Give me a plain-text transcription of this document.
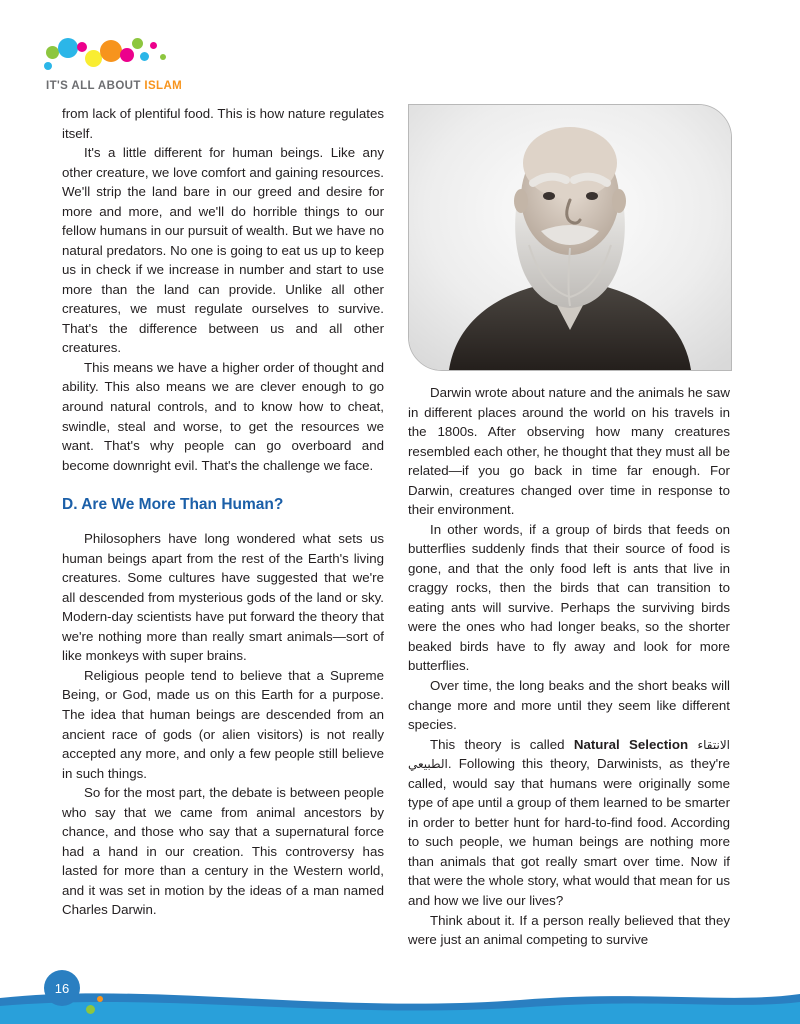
IT'S ALL ABOUT ISLAM

from lack of plentiful food. This is how nature regulates itself.

It's a little different for human beings. Like any other creature, we love comfort and gaining resources. We'll strip the land bare in our greed and desire for more and more, and we'll do horrible things to our fellow humans in our pursuit of wealth. But we have no natural predators. No one is going to eat us up to keep us in check if we increase in number and start to use more than the land can provide. Unlike all other creatures, we must regulate ourselves to survive. That's the difference between us and all other creatures.

This means we have a higher order of thought and ability. This also means we are clever enough to go around natural controls, and to know how to cheat, swindle, steal and worse, to get the resources we want. That's why people can go overboard and become downright evil. That's the challenge we face.

D. Are We More Than Human?

Philosophers have long wondered what sets us human beings apart from the rest of the Earth's living creatures. Some cultures have suggested that we're all descended from mysterious gods of the land or sky. Modern-day scientists have put forward the theory that we're nothing more than really smart animals—sort of like monkeys with super brains.

Religious people tend to believe that a Supreme Being, or God, made us on this Earth for a purpose. The idea that human beings are descended from an ancient race of gods (or alien visitors) is not really accepted any more, and only a few people still believe in such things.

So for the most part, the debate is between people who say that we came from animal ancestors by chance, and those who say that a supernatural force had a hand in our creation. This controversy has lasted for more than a century in the Western world, and it was set in motion by the ideas of a man named Charles Darwin.

Darwin wrote about nature and the animals he saw in different places around the world on his travels in the 1800s. After observing how many creatures resembled each other, he thought that they must all be related—if you go back in time far enough. For Darwin, creatures changed over time in response to their environment.

In other words, if a group of birds that feeds on butterflies suddenly finds that their source of food is gone, and that the only food left is ants that live in craggy rocks, then the birds that can transition to eating ants will survive. Perhaps the surviving birds were the ones who had longer beaks, so the shorter beaked birds have to fly away and look for more butterflies.

Over time, the long beaks and the short beaks will change more and more until they seem like different species.

This theory is called Natural Selection الانتقاء الطبيعي. Following this theory, Darwinists, as they're called, would say that humans were originally some type of ape until a group of them learned to be smarter in order to better hunt for hard-to-find food. According to such people, we human beings are nothing more than animals that got really smart over time. Now if that were the whole story, what would that mean for us and how we live our lives?

Think about it. If a person really believed that they were just an animal competing to survive

16
